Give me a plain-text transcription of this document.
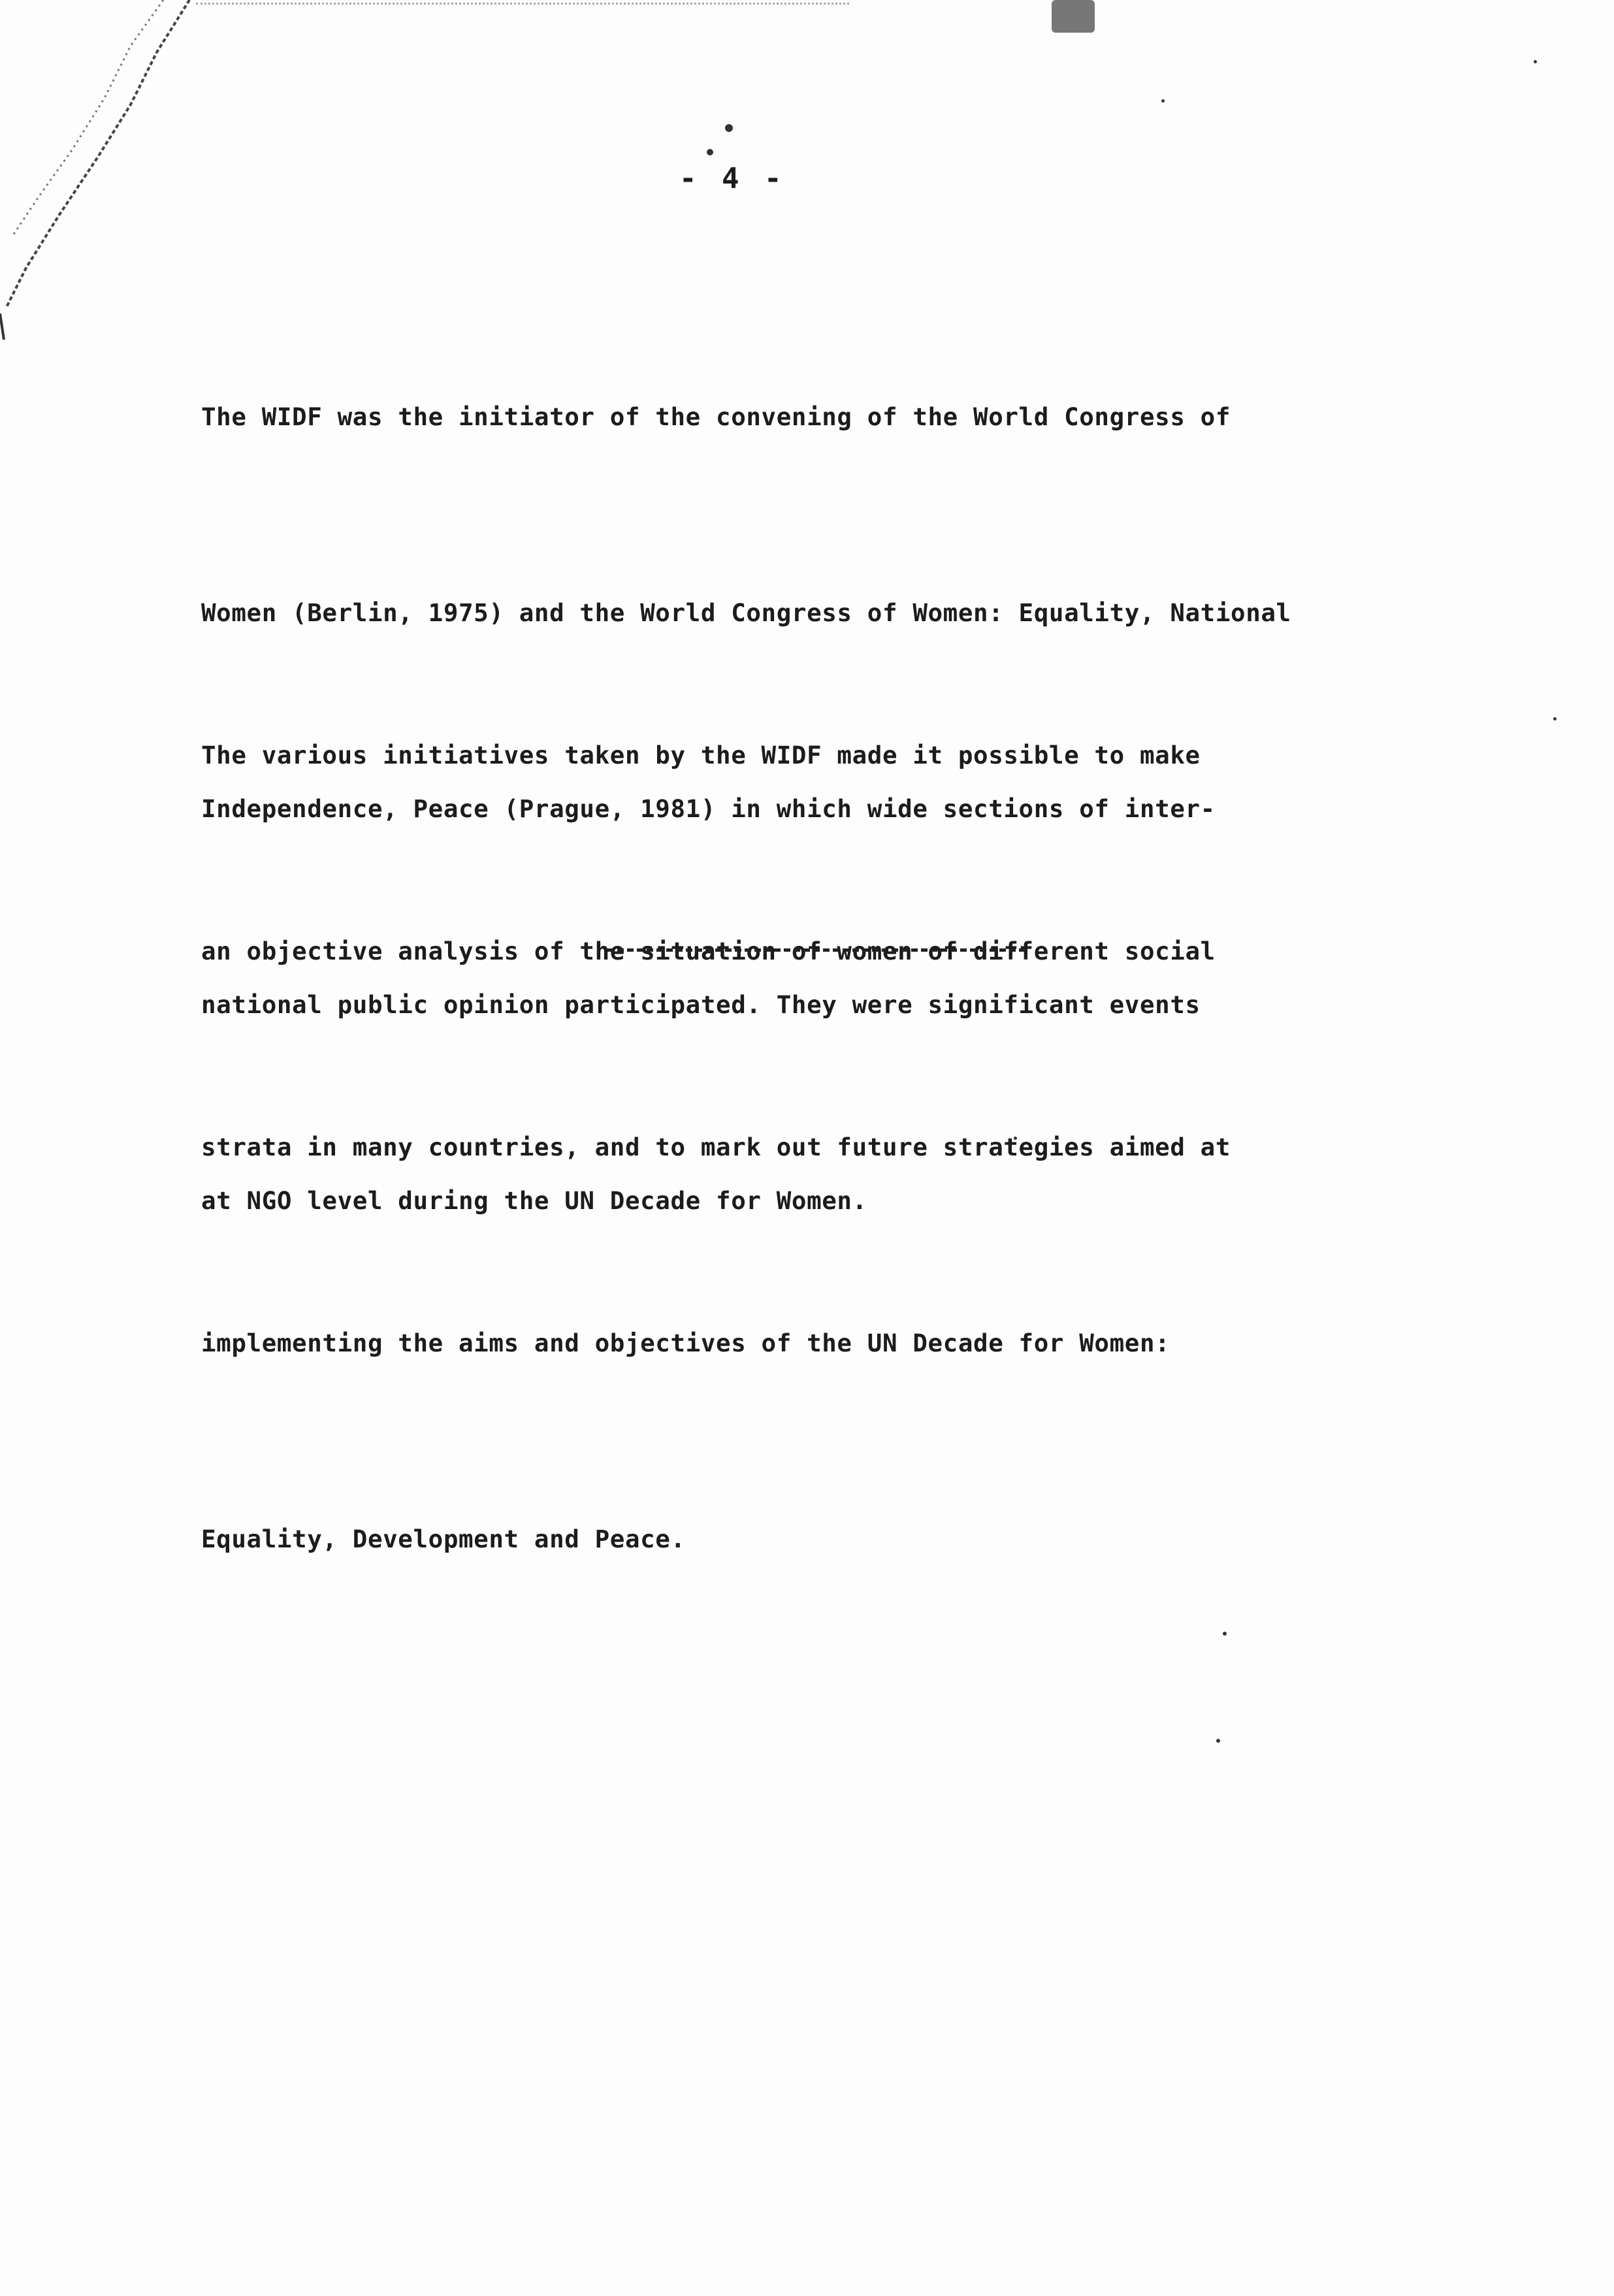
- 4 -

The WIDF was the initiator of the convening of the World Congress of

Women (Berlin, 1975) and the World Congress of Women: Equality, National

Independence, Peace (Prague, 1981) in which wide sections of inter-

national public opinion participated. They were significant events

at NGO level during the UN Decade for Women.

The various initiatives taken by the WIDF made it possible to make

an objective analysis of the situation of women of different social

strata in many countries, and to mark out future strategies aimed at

implementing the aims and objectives of the UN Decade for Women:

Equality, Development and Peace.
